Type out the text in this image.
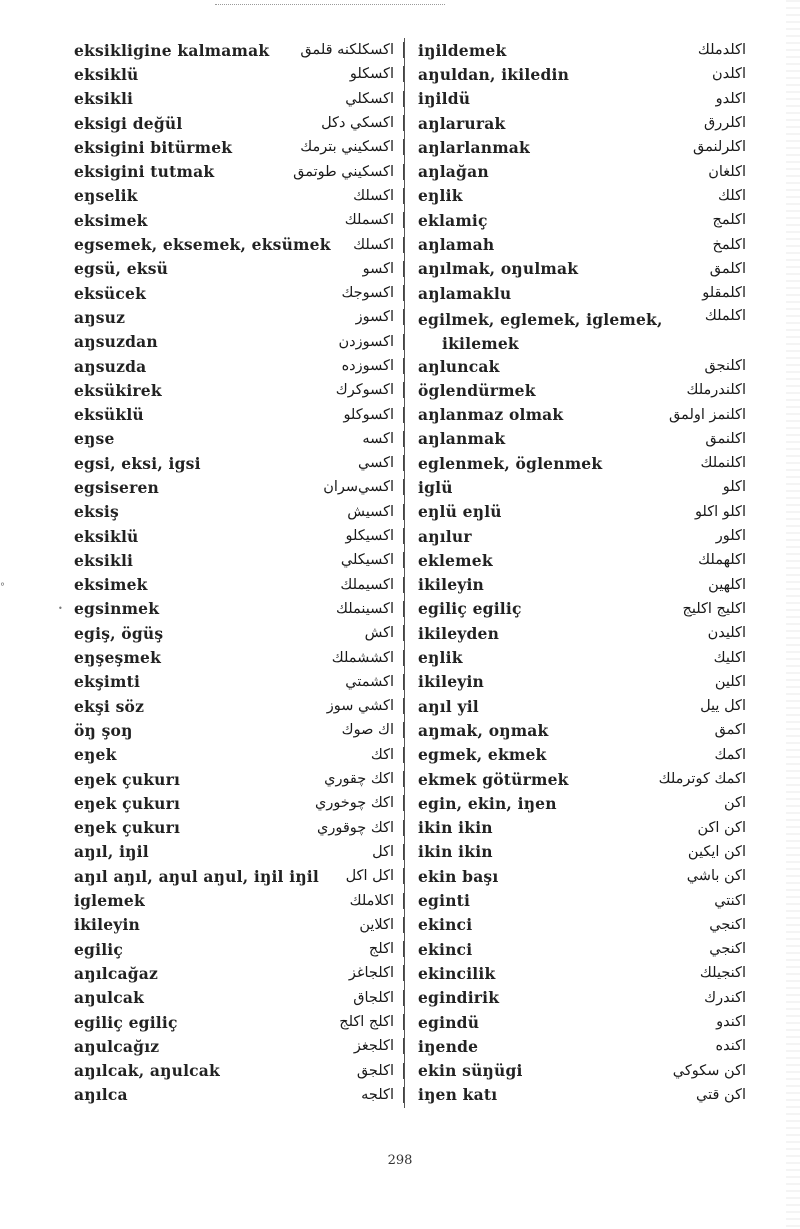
°
•
eksikligine kalmamak اكسكلكنه قلمق
eksiklü	اكسكلو
eksikli	اكسكلي
eksigi değül	اكسكي دكل
eksigini bitürmek	اكسكيني بترمك
eksigini tutmak	اكسكيني طوتمق
eŋselik	اكسلك
eksimek	اكسملك
egsemek, eksemek, eksümek اكسلك
egsü, eksü	اكسو
eksücek	اكسوجك
aŋsuz	اكسوز
aŋsuzdan	اكسوزدن
aŋsuzda	اكسوزده
eksükirek	اكسوكرك
eksüklü	اكسوكلو
eŋse	اكسه
egsi, eksi, igsi	اكسي
egsiseren	اكسي‌سران
eksiş	اكسيش
eksiklü	اكسيكلو
eksikli	اكسيكلي
eksimek	اكسيملك
egsinmek	اكسينملك
egiş, ögüş	اكش
eŋşeşmek	اكششملك
ekşimti	اكشمتي
ekşi söz	اكشي سوز
öŋ şoŋ	اك صوك
eŋek	اكك
eŋek çukurı	اكك چقوري
eŋek çukurı	اكك چوخوري
eŋek çukurı	اكك چوقوري
aŋıl, iŋil	اكل
aŋıl aŋıl, aŋul aŋul, iŋil iŋil اكل اكل
iglemek	اكلاملك
ikileyin	اكلاين
egiliç	اكلج
aŋılcağaz	اكلجاغز
aŋulcak	اكلجاق
egiliç egiliç	اكلج اكلج
aŋulcağız	اكلجغز
aŋılcak, aŋulcak	اكلجق
aŋılca	اكلجه
iŋildemek	اكلدملك
aŋuldan, ikiledin	اكلدن
iŋildü	اكلدو
aŋlarurak	اكلررق
aŋlarlanmak	اكلرلنمق
aŋlağan	اكلغان
eŋlik	اكلك
eklamiç	اكلمج
aŋlamah	اكلمخ
aŋılmak, oŋulmak	اكلمق
aŋlamaklu	اكلمقلو
egilmek, eglemek, iglemek,
ikilemek
اكلملك
aŋluncak	اكلنجق
öglendürmek	اكلندرملك
aŋlanmaz olmak	اكلنمز اولمق
aŋlanmak	اكلنمق
eglenmek, öglenmek	اكلنملك
iglü	اكلو
eŋlü eŋlü	اكلو اكلو
aŋılur	اكلور
eklemek	اكلهملك
ikileyin	اكلهين
egiliç egiliç	اكليج اكليج
ikileyden	اكليدن
eŋlik	اكليك
ikileyin	اكلين
aŋıl yil	اكل ييل
aŋmak, oŋmak	اكمق
egmek, ekmek	اكمك
ekmek götürmek	اكمك كوترملك
egin, ekin, iŋen	اكن
ikin ikin	اكن اكن
ikin ikin	اكن ايكين
ekin başı	اكن باشي
eginti	اكنتي
ekinci	اكنجي
ekinci	اكنجي
ekincilik	اكنجيلك
egindirik	اكندرك
egindü	اكندو
iŋende	اكنده
ekin süŋügi	اكن سكوكي
iŋen katı	اكن قتي
298
